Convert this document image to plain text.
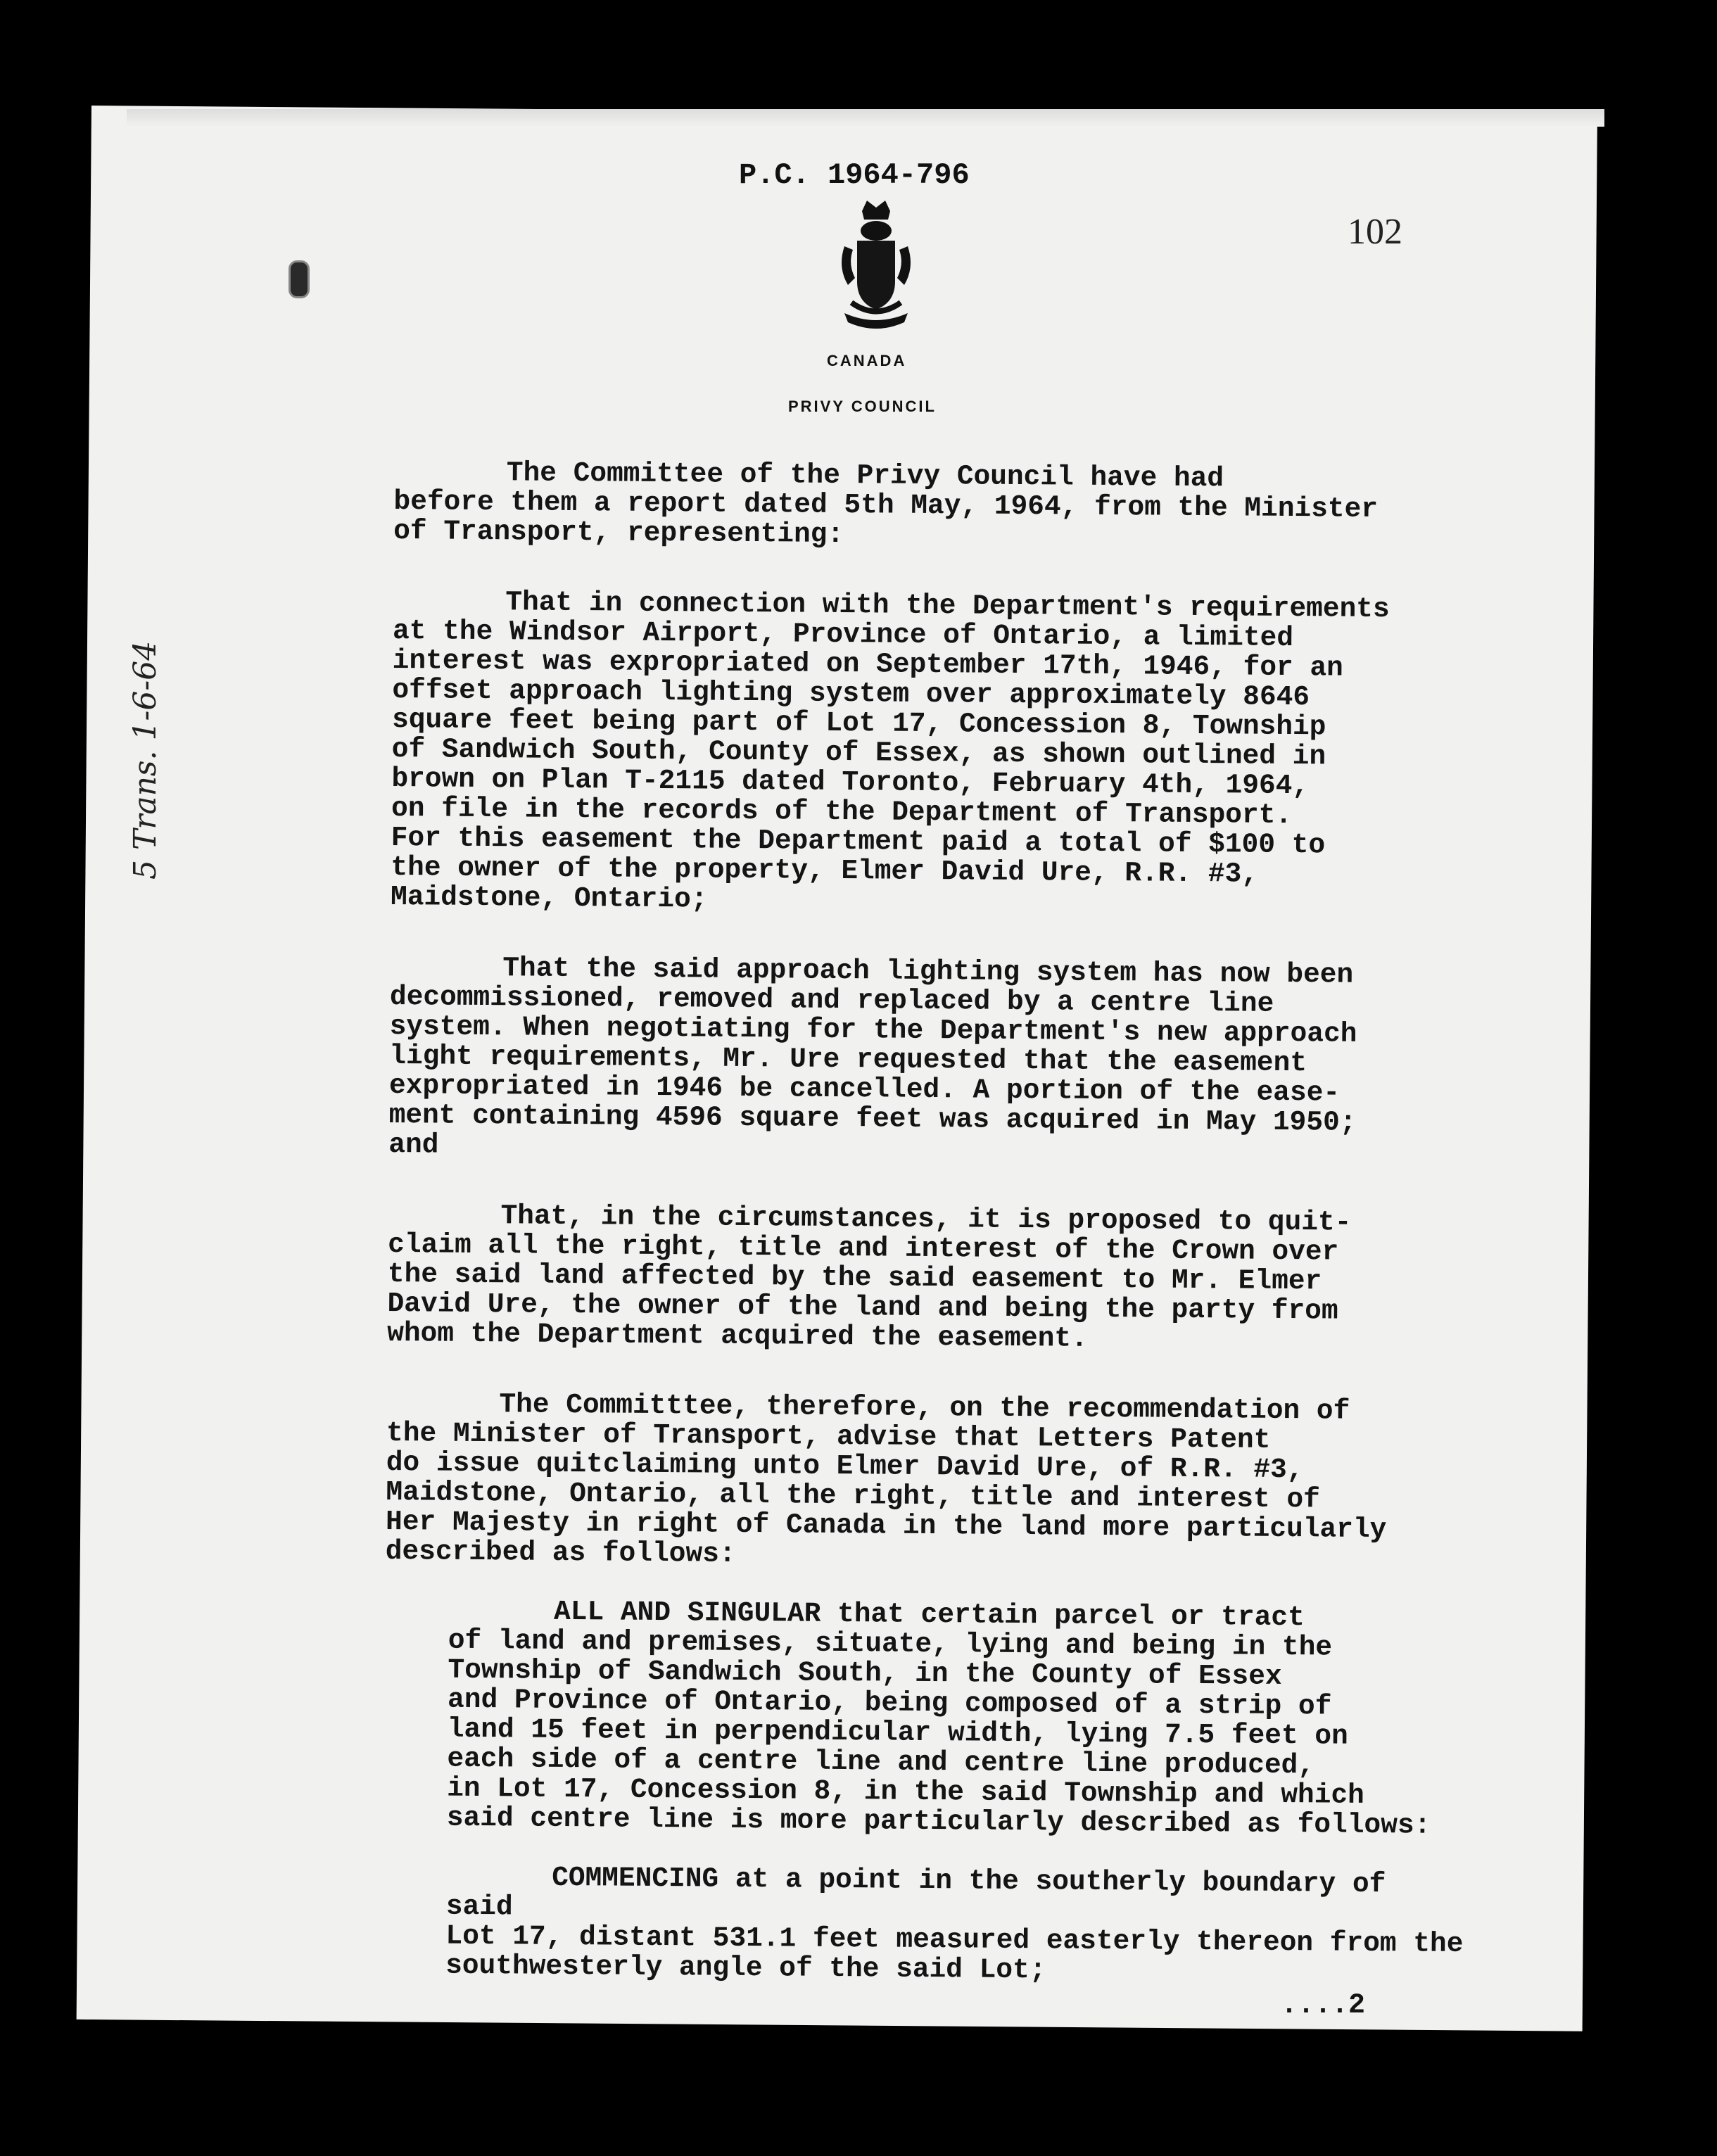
P.C. 1964-796
102
CANADA
PRIVY COUNCIL
5 Trans. 1-6-64
The Committee of the Privy Council have had
before them a report dated 5th May, 1964, from the Minister
of Transport, representing:
That in connection with the Department's requirements
at the Windsor Airport, Province of Ontario, a limited
interest was expropriated on September 17th, 1946, for an
offset approach lighting system over approximately 8646
square feet being part of Lot 17, Concession 8, Township
of Sandwich South, County of Essex, as shown outlined in
brown on Plan T-2115 dated Toronto, February 4th, 1964,
on file in the records of the Department of Transport.
For this easement the Department paid a total of $100 to
the owner of the property, Elmer David Ure, R.R. #3,
Maidstone, Ontario;
That the said approach lighting system has now been
decommissioned, removed and replaced by a centre line
system. When negotiating for the Department's new approach
light requirements, Mr. Ure requested that the easement
expropriated in 1946 be cancelled. A portion of the ease-
ment containing 4596 square feet was acquired in May 1950;
and
That, in the circumstances, it is proposed to quit-
claim all the right, title and interest of the Crown over
the said land affected by the said easement to Mr. Elmer
David Ure, the owner of the land and being the party from
whom the Department acquired the easement.
The Committtee, therefore, on the recommendation of
the Minister of Transport, advise that Letters Patent
do issue quitclaiming unto Elmer David Ure, of R.R. #3,
Maidstone, Ontario, all the right, title and interest of
Her Majesty in right of Canada in the land more particularly
described as follows:
ALL AND SINGULAR that certain parcel or tract
of land and premises, situate, lying and being in the
Township of Sandwich South, in the County of Essex
and Province of Ontario, being composed of a strip of
land 15 feet in perpendicular width, lying 7.5 feet on
each side of a centre line and centre line produced,
in Lot 17, Concession 8, in the said Township and which
said centre line is more particularly described as follows:
COMMENCING at a point in the southerly boundary of said
Lot 17, distant 531.1 feet measured easterly thereon from the
southwesterly angle of the said Lot;
....2
